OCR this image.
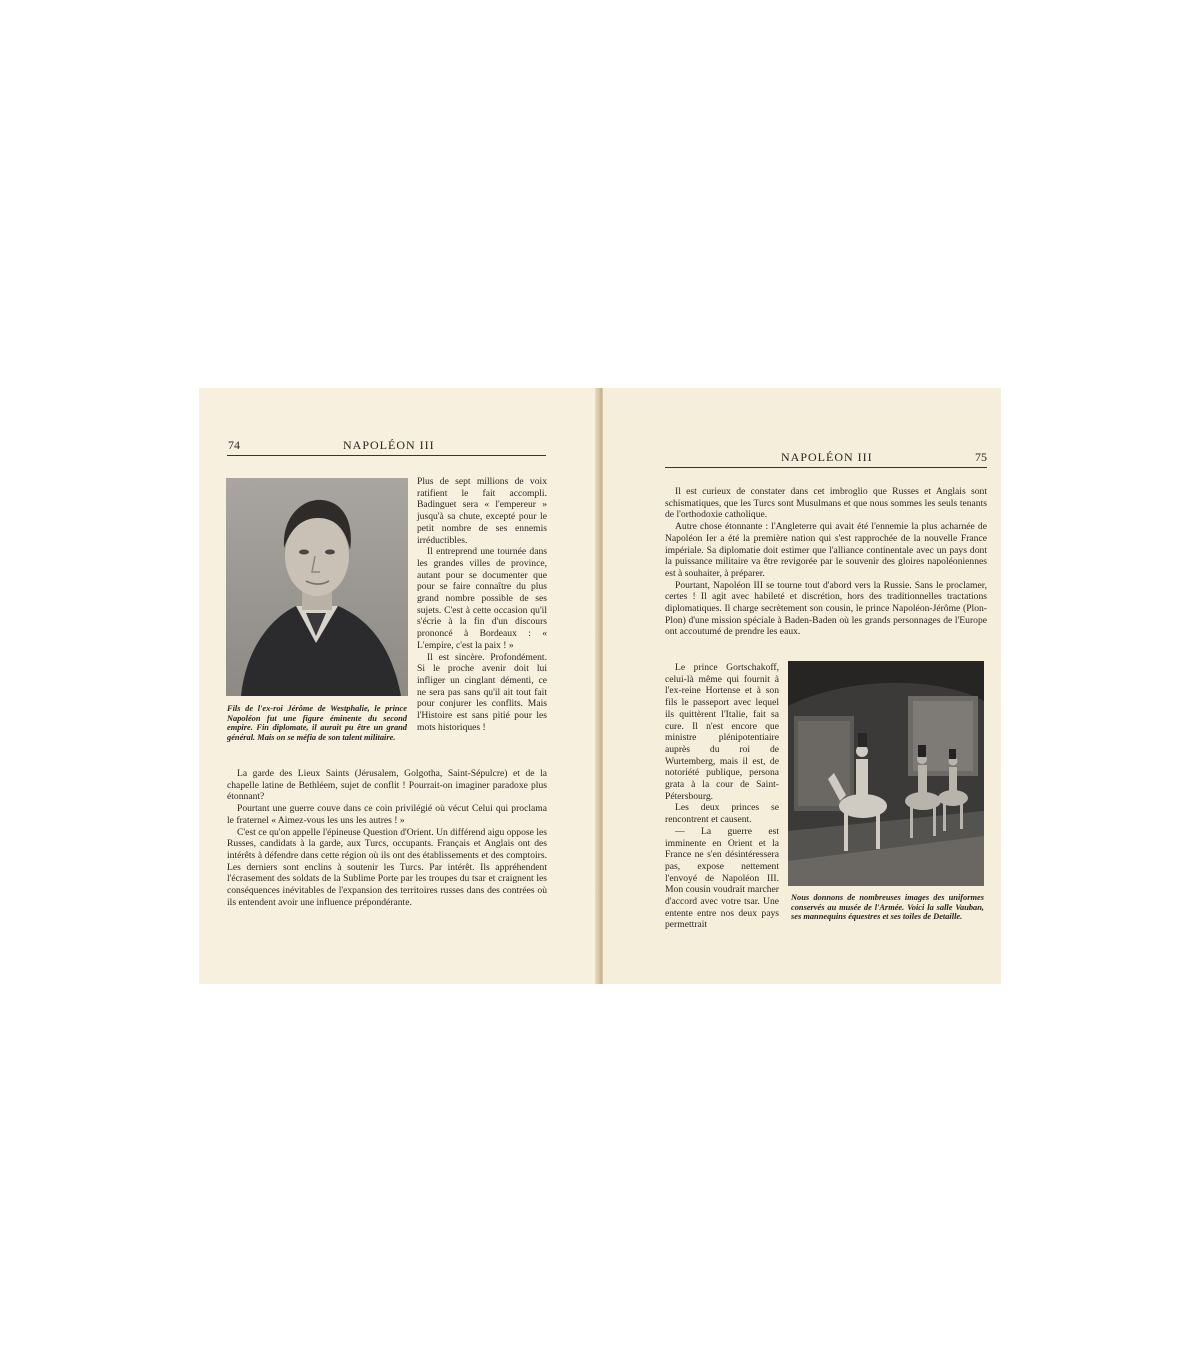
74	NAPOLÉON III
Fils de l'ex-roi Jérôme de Westphalie, le prince Napoléon fut une figure éminente du second empire. Fin diplomate, il aurait pu être un grand général. Mais on se méfia de son talent militaire.

Plus de sept millions de voix ratifient le fait accompli. Badinguet sera « l'empereur » jusqu'à sa chute, excepté pour le petit nombre de ses ennemis irréductibles.

Il entreprend une tournée dans les grandes villes de province, autant pour se documenter que pour se faire connaître du plus grand nombre possible de ses sujets. C'est à cette occasion qu'il s'écrie à la fin d'un discours prononcé à Bordeaux : « L'empire, c'est la paix ! »

Il est sincère. Profondément. Si le proche avenir doit lui infliger un cinglant démenti, ce ne sera pas sans qu'il ait tout fait pour conjurer les conflits. Mais l'Histoire est sans pitié pour les mots historiques !

La garde des Lieux Saints (Jérusalem, Golgotha, Saint-Sépulcre) et de la chapelle latine de Bethléem, sujet de conflit ! Pourrait-on imaginer paradoxe plus étonnant?

Pourtant une guerre couve dans ce coin privilégié où vécut Celui qui proclama le fraternel « Aimez-vous les uns les autres ! »

C'est ce qu'on appelle l'épineuse Question d'Orient. Un différend aigu oppose les Russes, candidats à la garde, aux Turcs, occupants. Français et Anglais ont des intérêts à défendre dans cette région où ils ont des établissements et des comptoirs. Les derniers sont enclins à soutenir les Turcs. Par intérêt. Ils appréhendent l'écrasement des soldats de la Sublime Porte par les troupes du tsar et craignent les conséquences inévitables de l'expansion des territoires russes dans des contrées où ils entendent avoir une influence prépondérante.

NAPOLÉON III	75

Il est curieux de constater dans cet imbroglio que Russes et Anglais sont schismatiques, que les Turcs sont Musulmans et que nous sommes les seuls tenants de l'orthodoxie catholique.

Autre chose étonnante : l'Angleterre qui avait été l'ennemie la plus acharnée de Napoléon Ier a été la première nation qui s'est rapprochée de la nouvelle France impériale. Sa diplomatie doit estimer que l'alliance continentale avec un pays dont la puissance militaire va être revigorée par le souvenir des gloires napoléoniennes est à souhaiter, à préparer.

Pourtant, Napoléon III se tourne tout d'abord vers la Russie. Sans le proclamer, certes ! Il agit avec habileté et discrétion, hors des traditionnelles tractations diplomatiques. Il charge secrètement son cousin, le prince Napoléon-Jérôme (Plon-Plon) d'une mission spéciale à Baden-Baden où les grands personnages de l'Europe ont accoutumé de prendre les eaux.

Le prince Gortschakoff, celui-là même qui fournit à l'ex-reine Hortense et à son fils le passeport avec lequel ils quittèrent l'Italie, fait sa cure. Il n'est encore que ministre plénipotentiaire auprès du roi de Wurtemberg, mais il est, de notoriété publique, persona grata à la cour de Saint-Pétersbourg.

Les deux princes se rencontrent et causent.

— La guerre est imminente en Orient et la France ne s'en désintéressera pas, expose nettement l'envoyé de Napoléon III. Mon cousin voudrait marcher d'accord avec votre tsar. Une entente entre nos deux pays permettrait

Nous donnons de nombreuses images des uniformes conservés au musée de l'Armée. Voici la salle Vauban, ses mannequins équestres et ses toiles de Detaille.
